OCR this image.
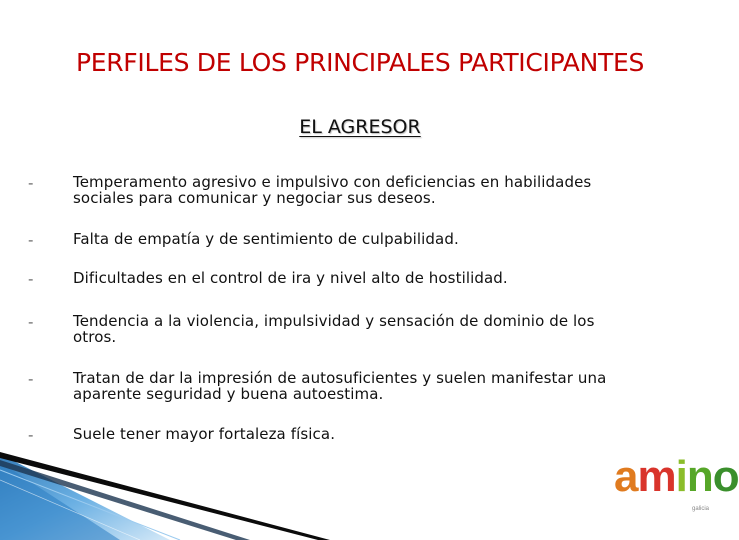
PERFILES DE LOS PRINCIPALES PARTICIPANTES
EL AGRESOR
-	Temperamento agresivo e impulsivo con deficiencias en habilidades
sociales para comunicar y negociar sus deseos.
-	Falta de empatía y de sentimiento de culpabilidad.
-	Dificultades en el control de ira y nivel alto de hostilidad.
-	Tendencia a la violencia, impulsividad y sensación de dominio de los
otros.
-	Tratan de dar la impresión de autosuficientes y suelen manifestar una
aparente seguridad y buena autoestima.
-	Suele tener mayor fortaleza física.
amino
galicia
